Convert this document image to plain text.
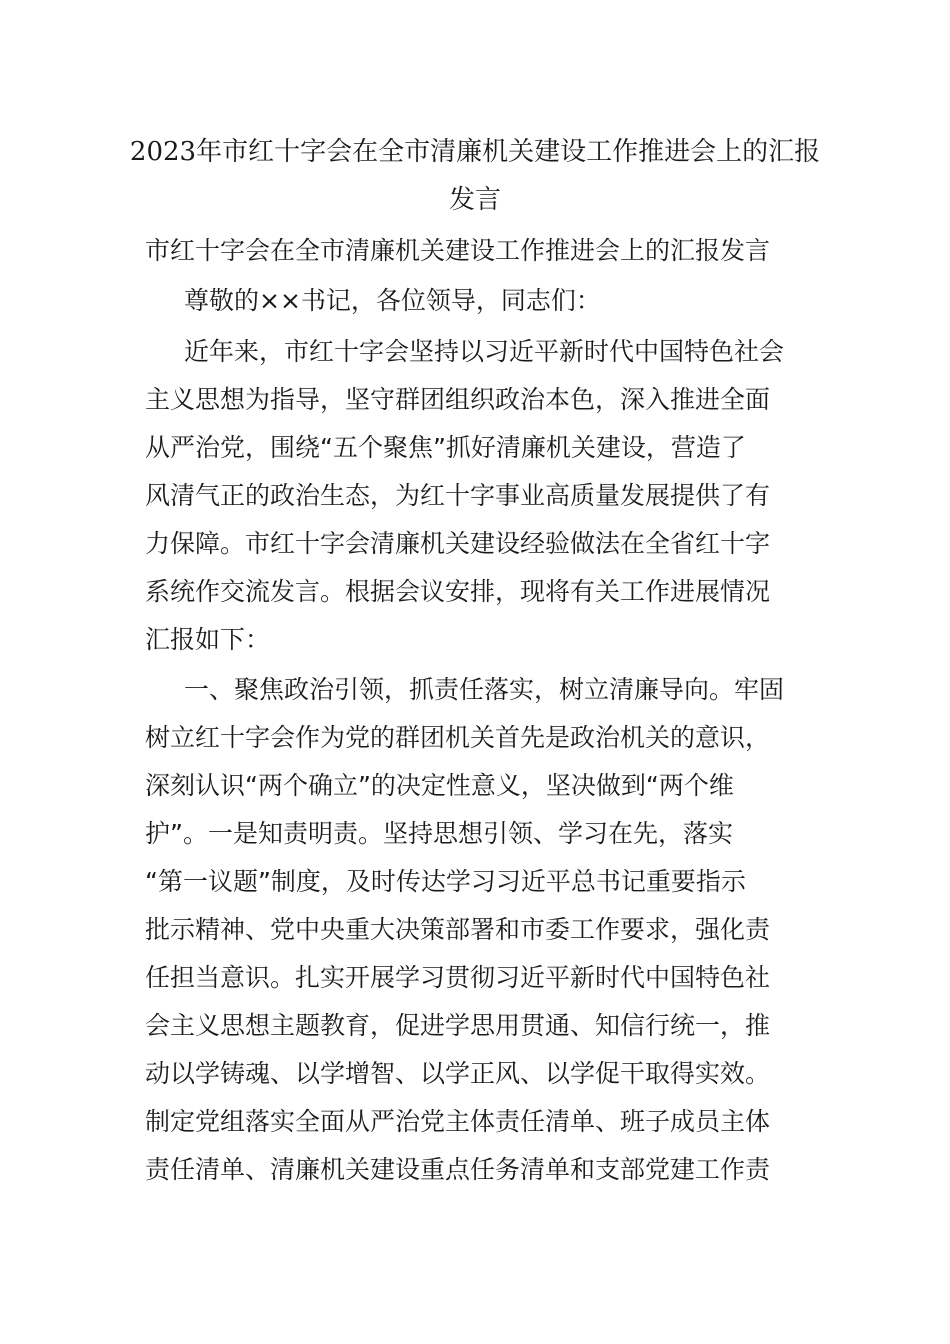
2023年市红十字会在全市清廉机关建设工作推进会上的汇报发言

市红十字会在全市清廉机关建设工作推进会上的汇报发言

尊敬的××书记，各位领导，同志们：

近年来，市红十字会坚持以习近平新时代中国特色社会

主义思想为指导，坚守群团组织政治本色，深入推进全面

从严治党，围绕“五个聚焦”抓好清廉机关建设，营造了

风清气正的政治生态，为红十字事业高质量发展提供了有

力保障。市红十字会清廉机关建设经验做法在全省红十字

系统作交流发言。根据会议安排，现将有关工作进展情况

汇报如下：

一、聚焦政治引领，抓责任落实，树立清廉导向。牢固

树立红十字会作为党的群团机关首先是政治机关的意识，

深刻认识“两个确立”的决定性意义，坚决做到“两个维

护”。一是知责明责。坚持思想引领、学习在先，落实

“第一议题”制度，及时传达学习习近平总书记重要指示

批示精神、党中央重大决策部署和市委工作要求，强化责

任担当意识。扎实开展学习贯彻习近平新时代中国特色社

会主义思想主题教育，促进学思用贯通、知信行统一，推

动以学铸魂、以学增智、以学正风、以学促干取得实效。

制定党组落实全面从严治党主体责任清单、班子成员主体

责任清单、清廉机关建设重点任务清单和支部党建工作责
